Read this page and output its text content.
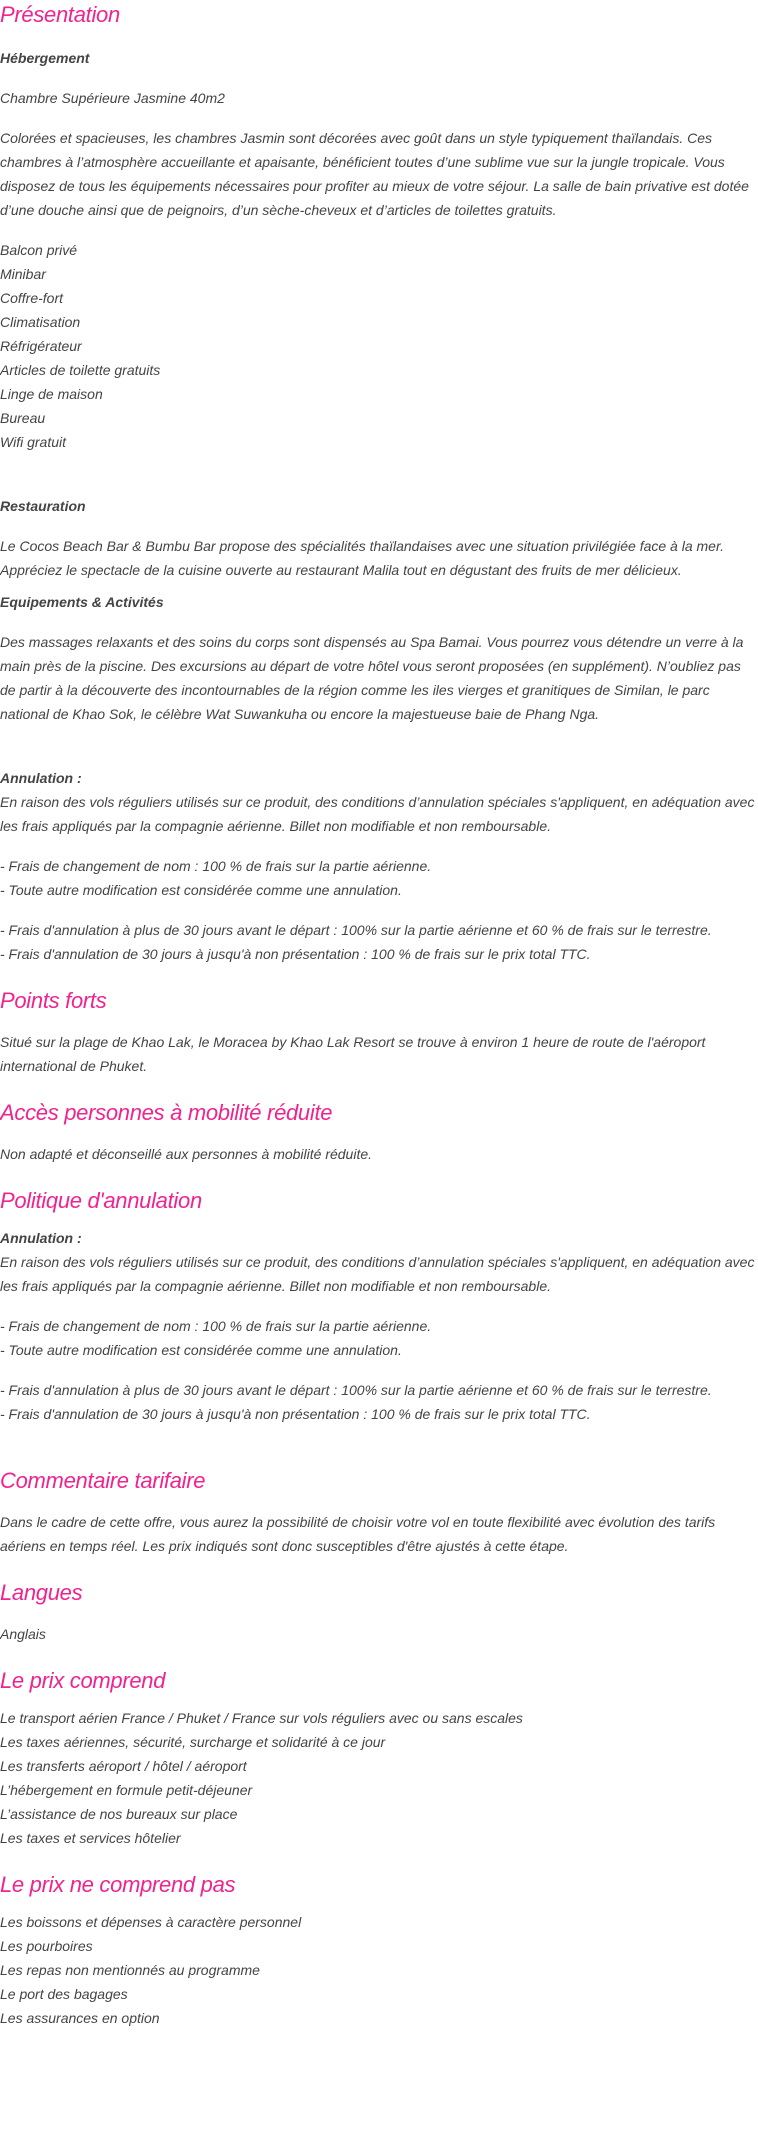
Présentation

Hébergement

Chambre Supérieure Jasmine 40m2

Colorées et spacieuses, les chambres Jasmin sont décorées avec goût dans un style typiquement thaïlandais. Ces chambres à l’atmosphère accueillante et apaisante, bénéficient toutes d’une sublime vue sur la jungle tropicale. Vous disposez de tous les équipements nécessaires pour profiter au mieux de votre séjour. La salle de bain privative est dotée d’une douche ainsi que de peignoirs, d’un sèche-cheveux et d’articles de toilettes gratuits.

Balcon privé
Minibar
Coffre-fort
Climatisation
Réfrigérateur
Articles de toilette gratuits
Linge de maison
Bureau
Wifi gratuit

Restauration

Le Cocos Beach Bar & Bumbu Bar propose des spécialités thaïlandaises avec une situation privilégiée face à la mer. Appréciez le spectacle de la cuisine ouverte au restaurant Malila tout en dégustant des fruits de mer délicieux.

Equipements & Activités

Des massages relaxants et des soins du corps sont dispensés au Spa Bamai. Vous pourrez vous détendre un verre à la main près de la piscine. Des excursions au départ de votre hôtel vous seront proposées (en supplément). N’oubliez pas de partir à la découverte des incontournables de la région comme les iles vierges et granitiques de Similan, le parc national de Khao Sok, le célèbre Wat Suwankuha ou encore la majestueuse baie de Phang Nga.

Annulation :

En raison des vols réguliers utilisés sur ce produit, des conditions d’annulation spéciales s'appliquent, en adéquation avec les frais appliqués par la compagnie aérienne. Billet non modifiable et non remboursable.

- Frais de changement de nom : 100 % de frais sur la partie aérienne.
- Toute autre modification est considérée comme une annulation.
- Frais d'annulation à plus de 30 jours avant le départ : 100% sur la partie aérienne et 60 % de frais sur le terrestre.
- Frais d'annulation de 30 jours à jusqu'à non présentation : 100 % de frais sur le prix total TTC.
Points forts

Situé sur la plage de Khao Lak, le Moracea by Khao Lak Resort se trouve à environ 1 heure de route de l'aéroport international de Phuket.

Accès personnes à mobilité réduite

Non adapté et déconseillé aux personnes à mobilité réduite.

Politique d'annulation

Annulation :

En raison des vols réguliers utilisés sur ce produit, des conditions d’annulation spéciales s'appliquent, en adéquation avec les frais appliqués par la compagnie aérienne. Billet non modifiable et non remboursable.

- Frais de changement de nom : 100 % de frais sur la partie aérienne.
- Toute autre modification est considérée comme une annulation.
- Frais d'annulation à plus de 30 jours avant le départ : 100% sur la partie aérienne et 60 % de frais sur le terrestre.
- Frais d'annulation de 30 jours à jusqu'à non présentation : 100 % de frais sur le prix total TTC.
Commentaire tarifaire

Dans le cadre de cette offre, vous aurez la possibilité de choisir votre vol en toute flexibilité avec évolution des tarifs aériens en temps réel. Les prix indiqués sont donc susceptibles d'être ajustés à cette étape.

Langues

Anglais

Le prix comprend
Le transport aérien France / Phuket / France sur vols réguliers avec ou sans escales
Les taxes aériennes, sécurité, surcharge et solidarité à ce jour
Les transferts aéroport / hôtel / aéroport
L’hébergement en formule petit-déjeuner
L’assistance de nos bureaux sur place
Les taxes et services hôtelier
Le prix ne comprend pas
Les boissons et dépenses à caractère personnel
Les pourboires
Les repas non mentionnés au programme
Le port des bagages
Les assurances en option
